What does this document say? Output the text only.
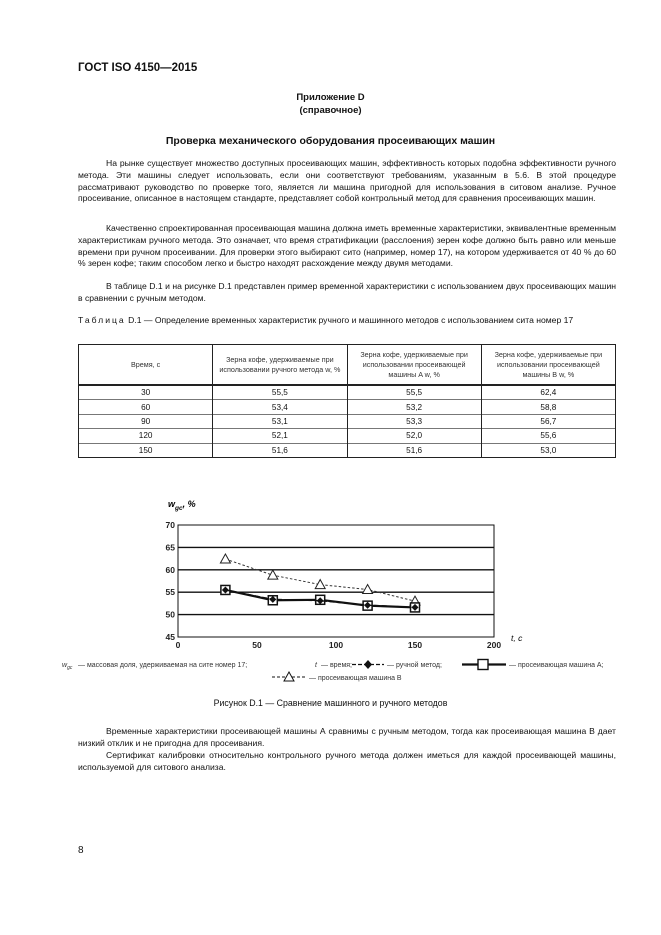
ГОСТ ISO 4150—2015
Приложение D
(справочное)
Проверка механического оборудования просеивающих машин

На рынке существует множество доступных просеивающих машин, эффективность которых подобна эффективности ручного метода. Эти машины следует использовать, если они соответствуют требованиям, указанным в 5.6. В этой процедуре рассматривают руководство по проверке того, является ли машина пригодной для использования в ситовом анализе. Ручное просеивание, описанное в настоящем стандарте, представляет собой контрольный метод для сравнения просеивающих машин.

Качественно спроектированная просеивающая машина должна иметь временные характеристики, эквивалентные временным характеристикам ручного метода. Это означает, что время стратификации (расслоения) зерен кофе должно быть равно или меньше времени при ручном просеивании. Для проверки этого выбирают сито (например, номер 17), на котором удерживается от 40 % до 60 % зерен кофе; таким способом легко и быстро находят расхождение между двумя методами.

В таблице D.1 и на рисунке D.1 представлен пример временной характеристики с использованием двух просеивающих машин в сравнении с ручным методом.

Таблица D.1 — Определение временных характеристик ручного и машинного методов с использованием сита номер 17

Время, с	Зерна кофе, удерживаемые при использовании ручного метода w, %	Зерна кофе, удерживаемые при использовании просеивающей машины A w, %	Зерна кофе, удерживаемые при использовании просеивающей машины B w, %
30	55,5	55,5	62,4
60	53,4	53,2	58,8
90	53,1	53,3	56,7
120	52,1	52,0	55,6
150	51,6	51,6	53,0
45
50
55
60
65
70
0	50	100	150	200
$w_{gc}$, %
t, с
$w_{gc}$ — массовая доля, удерживаемая на сите номер 17;	t — время;	— ручной метод;	— просеивающая машина А;
— просеивающая машина В
Рисунок D.1 — Сравнение машинного и ручного методов

Временные характеристики просеивающей машины А сравнимы с ручным методом, тогда как просеивающая машина В дает низкий отклик и не пригодна для просеивания.

Сертификат калибровки относительно контрольного ручного метода должен иметься для каждой просеивающей машины, используемой для ситового анализа.

8
